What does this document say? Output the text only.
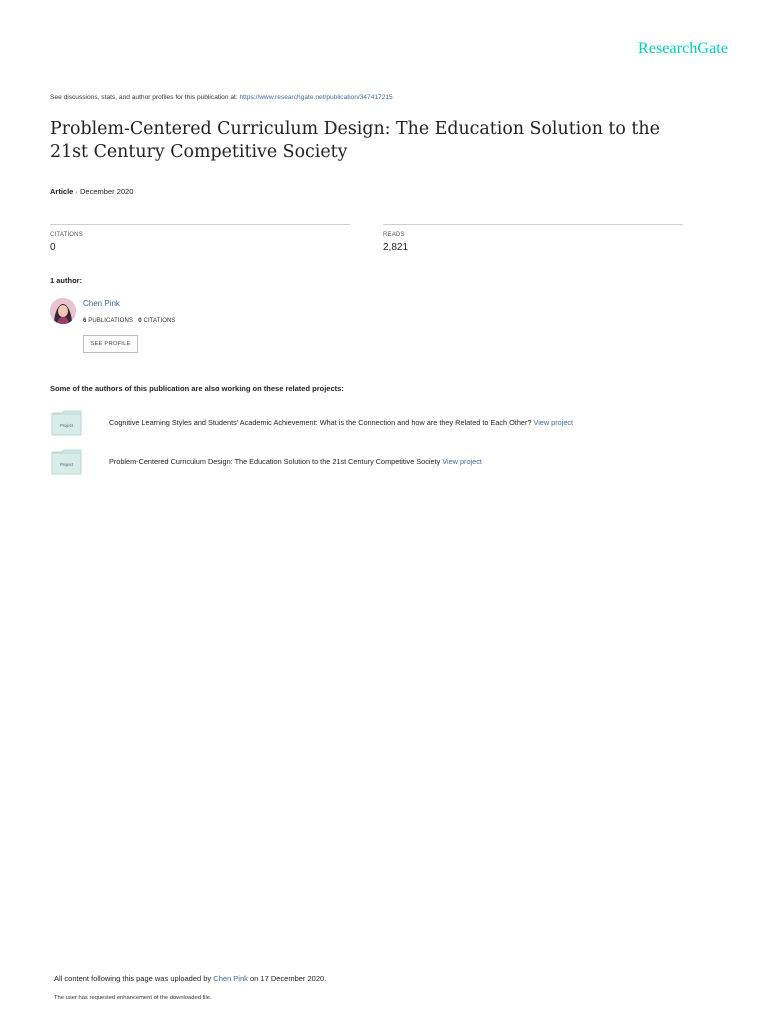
ResearchGate
See discussions, stats, and author profiles for this publication at: https://www.researchgate.net/publication/347417215
Problem-Centered Curriculum Design: The Education Solution to the 21st Century Competitive Society
Article · December 2020
CITATIONS
0
READS
2,821
1 author:
Chen Pink
6 PUBLICATIONS 0 CITATIONS
SEE PROFILE
Some of the authors of this publication are also working on these related projects:
Project	Cognitive Learning Styles and Students' Academic Achievement: What is the Connection and how are they Related to Each Other? View project
Project	Problem-Centered Curriculum Design: The Education Solution to the 21st Century Competitive Society View project
All content following this page was uploaded by Chen Pink on 17 December 2020.
The user has requested enhancement of the downloaded file.
